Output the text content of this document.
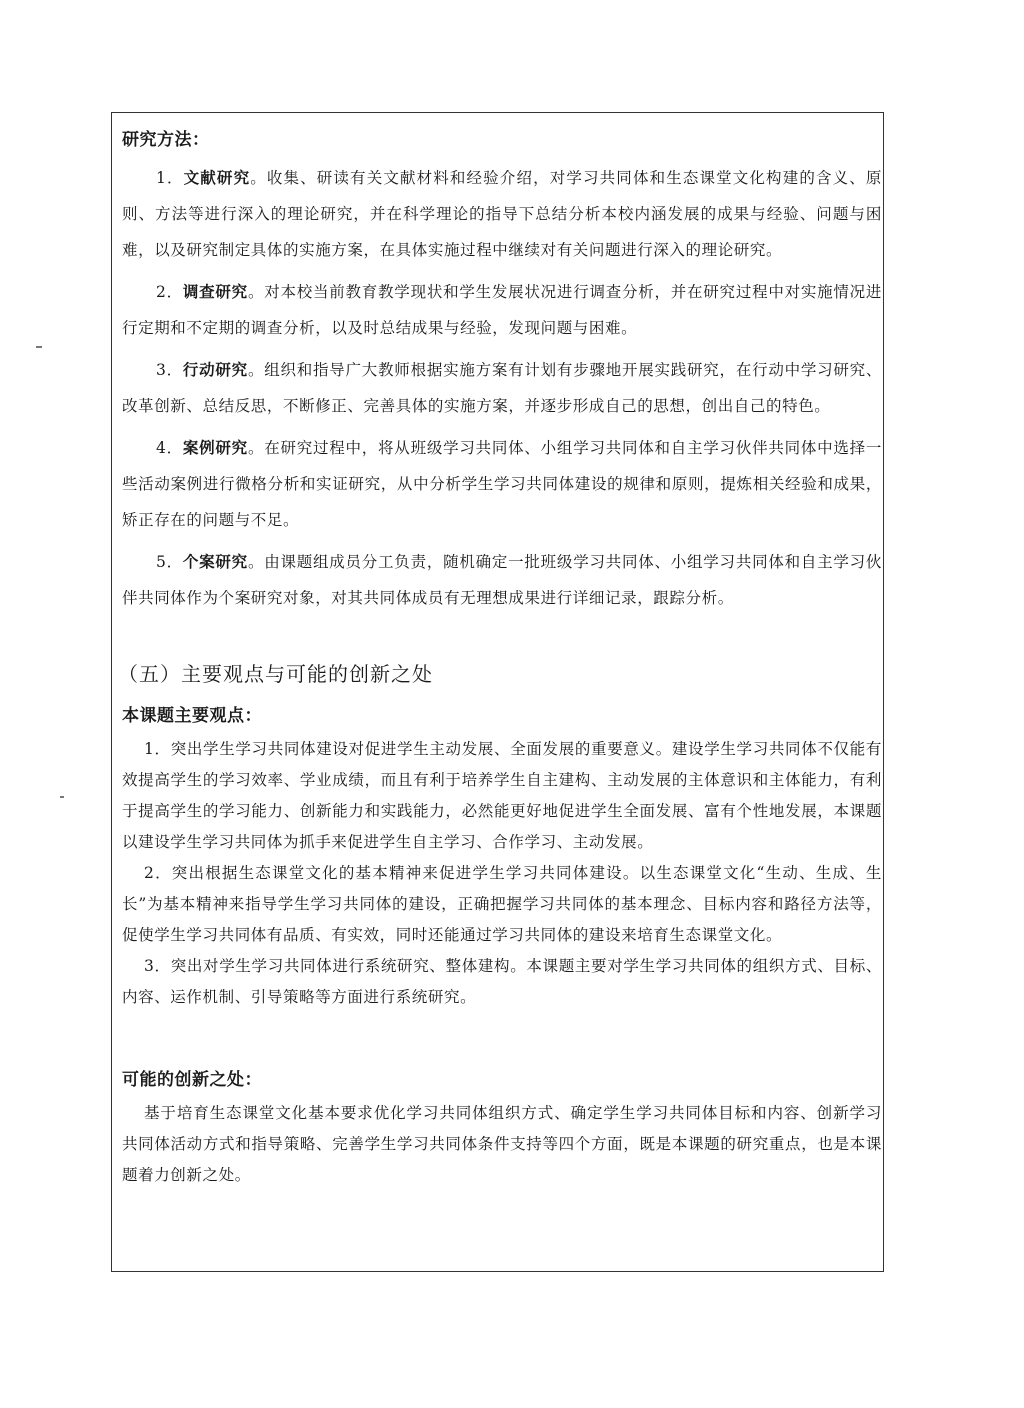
研究方法：

1．文献研究。收集、研读有关文献材料和经验介绍，对学习共同体和生态课堂文化构建的含义、原则、方法等进行深入的理论研究，并在科学理论的指导下总结分析本校内涵发展的成果与经验、问题与困难，以及研究制定具体的实施方案，在具体实施过程中继续对有关问题进行深入的理论研究。

2．调查研究。对本校当前教育教学现状和学生发展状况进行调查分析，并在研究过程中对实施情况进行定期和不定期的调查分析，以及时总结成果与经验，发现问题与困难。

3．行动研究。组织和指导广大教师根据实施方案有计划有步骤地开展实践研究，在行动中学习研究、改革创新、总结反思，不断修正、完善具体的实施方案，并逐步形成自己的思想，创出自己的特色。

4．案例研究。在研究过程中，将从班级学习共同体、小组学习共同体和自主学习伙伴共同体中选择一些活动案例进行微格分析和实证研究，从中分析学生学习共同体建设的规律和原则，提炼相关经验和成果，矫正存在的问题与不足。

5．个案研究。由课题组成员分工负责，随机确定一批班级学习共同体、小组学习共同体和自主学习伙伴共同体作为个案研究对象，对其共同体成员有无理想成果进行详细记录，跟踪分析。

（五）主要观点与可能的创新之处
本课题主要观点：

1．突出学生学习共同体建设对促进学生主动发展、全面发展的重要意义。建设学生学习共同体不仅能有效提高学生的学习效率、学业成绩，而且有利于培养学生自主建构、主动发展的主体意识和主体能力，有利于提高学生的学习能力、创新能力和实践能力，必然能更好地促进学生全面发展、富有个性地发展，本课题以建设学生学习共同体为抓手来促进学生自主学习、合作学习、主动发展。

2．突出根据生态课堂文化的基本精神来促进学生学习共同体建设。以生态课堂文化“生动、生成、生长”为基本精神来指导学生学习共同体的建设，正确把握学习共同体的基本理念、目标内容和路径方法等，促使学生学习共同体有品质、有实效，同时还能通过学习共同体的建设来培育生态课堂文化。

3．突出对学生学习共同体进行系统研究、整体建构。本课题主要对学生学习共同体的组织方式、目标、内容、运作机制、引导策略等方面进行系统研究。

可能的创新之处：

基于培育生态课堂文化基本要求优化学习共同体组织方式、确定学生学习共同体目标和内容、创新学习共同体活动方式和指导策略、完善学生学习共同体条件支持等四个方面，既是本课题的研究重点，也是本课题着力创新之处。
